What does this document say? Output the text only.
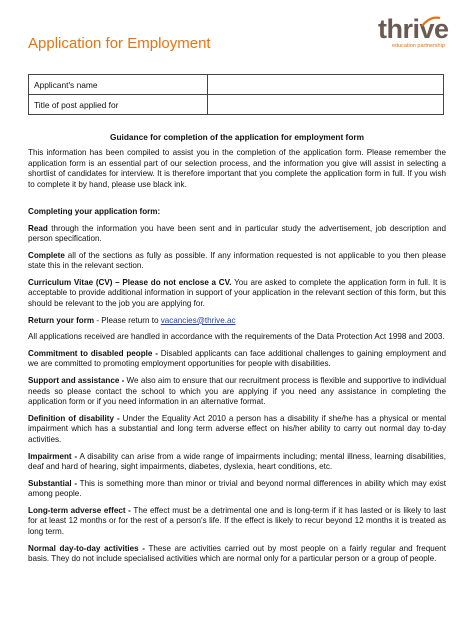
Application for Employment	thrive
education partnership
Applicant's name	
Title of post applied for	
Guidance for completion of the application for employment form

This information has been compiled to assist you in the completion of the application form. Please remember the application form is an essential part of our selection process, and the information you give will assist in selecting a shortlist of candidates for interview. It is therefore important that you complete the application form in full. If you wish to complete it by hand, please use black ink.

Completing your application form:

Read through the information you have been sent and in particular study the advertisement, job description and person specification.

Complete all of the sections as fully as possible. If any information requested is not applicable to you then please state this in the relevant section.

Curriculum Vitae (CV) – Please do not enclose a CV. You are asked to complete the application form in full. It is acceptable to provide additional information in support of your application in the relevant section of this form, but this should be relevant to the job you are applying for.

Return your form - Please return to vacancies@thrive.ac

All applications received are handled in accordance with the requirements of the Data Protection Act 1998 and 2003.

Commitment to disabled people - Disabled applicants can face additional challenges to gaining employment and we are committed to promoting employment opportunities for people with disabilities.

Support and assistance - We also aim to ensure that our recruitment process is flexible and supportive to individual needs so please contact the school to which you are applying if you need any assistance in completing the application form or if you need information in an alternative format.

Definition of disability - Under the Equality Act 2010 a person has a disability if she/he has a physical or mental impairment which has a substantial and long term adverse effect on his/her ability to carry out normal day to-day activities.

Impairment - A disability can arise from a wide range of impairments including; mental illness, learning disabilities, deaf and hard of hearing, sight impairments, diabetes, dyslexia, heart conditions, etc.

Substantial - This is something more than minor or trivial and beyond normal differences in ability which may exist among people.

Long-term adverse effect - The effect must be a detrimental one and is long-term if it has lasted or is likely to last for at least 12 months or for the rest of a person's life. If the effect is likely to recur beyond 12 months it is treated as long term.

Normal day-to-day activities - These are activities carried out by most people on a fairly regular and frequent basis. They do not include specialised activities which are normal only for a particular person or a group of people.
